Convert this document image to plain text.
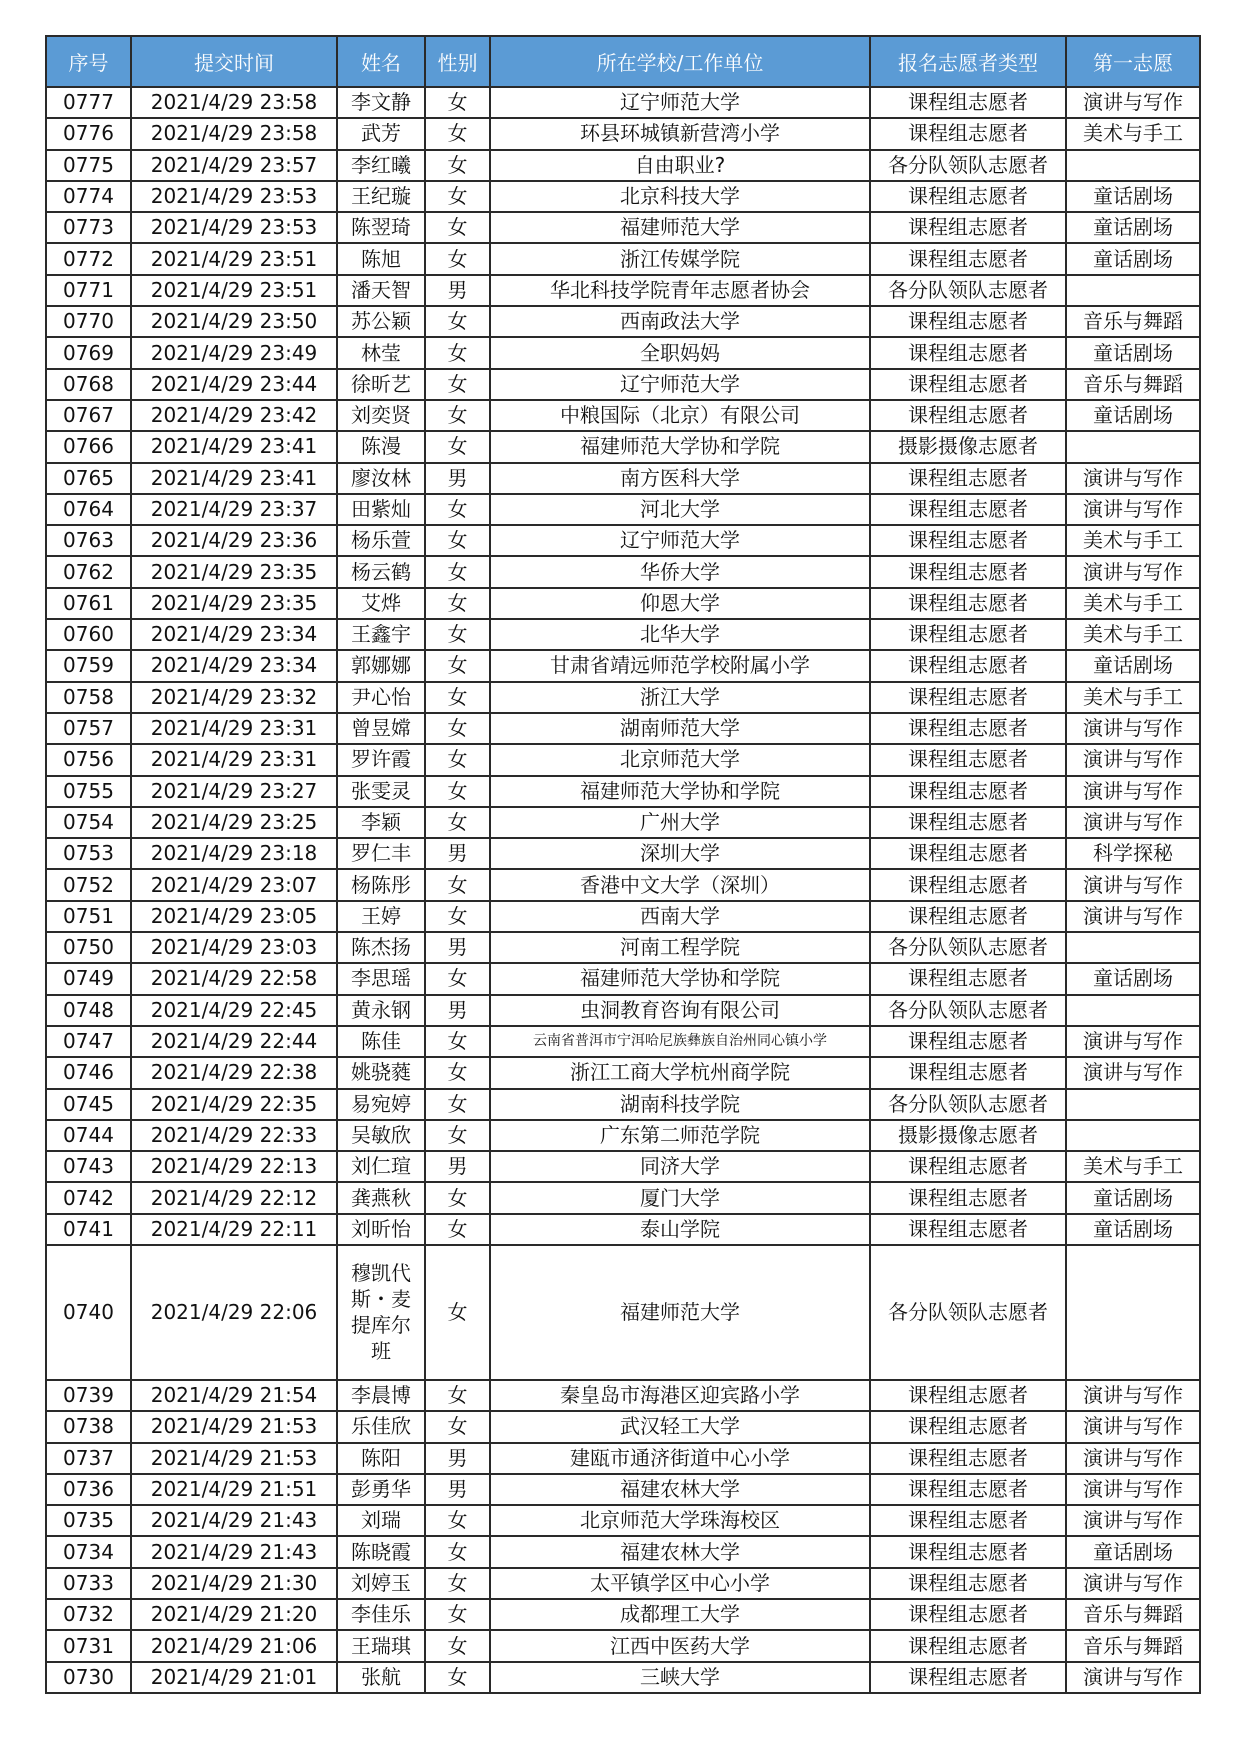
序号	提交时间	姓名	性别	所在学校/工作单位	报名志愿者类型	第一志愿
0777	2021/4/29 23:58	李文静	女	辽宁师范大学	课程组志愿者	演讲与写作
0776	2021/4/29 23:58	武芳	女	环县环城镇新营湾小学	课程组志愿者	美术与手工
0775	2021/4/29 23:57	李红曦	女	自由职业?	各分队领队志愿者	
0774	2021/4/29 23:53	王纪璇	女	北京科技大学	课程组志愿者	童话剧场
0773	2021/4/29 23:53	陈翌琦	女	福建师范大学	课程组志愿者	童话剧场
0772	2021/4/29 23:51	陈旭	女	浙江传媒学院	课程组志愿者	童话剧场
0771	2021/4/29 23:51	潘天智	男	华北科技学院青年志愿者协会	各分队领队志愿者	
0770	2021/4/29 23:50	苏公颖	女	西南政法大学	课程组志愿者	音乐与舞蹈
0769	2021/4/29 23:49	林莹	女	全职妈妈	课程组志愿者	童话剧场
0768	2021/4/29 23:44	徐昕艺	女	辽宁师范大学	课程组志愿者	音乐与舞蹈
0767	2021/4/29 23:42	刘奕贤	女	中粮国际（北京）有限公司	课程组志愿者	童话剧场
0766	2021/4/29 23:41	陈漫	女	福建师范大学协和学院	摄影摄像志愿者	
0765	2021/4/29 23:41	廖汝林	男	南方医科大学	课程组志愿者	演讲与写作
0764	2021/4/29 23:37	田紫灿	女	河北大学	课程组志愿者	演讲与写作
0763	2021/4/29 23:36	杨乐萱	女	辽宁师范大学	课程组志愿者	美术与手工
0762	2021/4/29 23:35	杨云鹤	女	华侨大学	课程组志愿者	演讲与写作
0761	2021/4/29 23:35	艾烨	女	仰恩大学	课程组志愿者	美术与手工
0760	2021/4/29 23:34	王鑫宇	女	北华大学	课程组志愿者	美术与手工
0759	2021/4/29 23:34	郭娜娜	女	甘肃省靖远师范学校附属小学	课程组志愿者	童话剧场
0758	2021/4/29 23:32	尹心怡	女	浙江大学	课程组志愿者	美术与手工
0757	2021/4/29 23:31	曾昱嫦	女	湖南师范大学	课程组志愿者	演讲与写作
0756	2021/4/29 23:31	罗许霞	女	北京师范大学	课程组志愿者	演讲与写作
0755	2021/4/29 23:27	张雯灵	女	福建师范大学协和学院	课程组志愿者	演讲与写作
0754	2021/4/29 23:25	李颖	女	广州大学	课程组志愿者	演讲与写作
0753	2021/4/29 23:18	罗仁丰	男	深圳大学	课程组志愿者	科学探秘
0752	2021/4/29 23:07	杨陈彤	女	香港中文大学（深圳）	课程组志愿者	演讲与写作
0751	2021/4/29 23:05	王婷	女	西南大学	课程组志愿者	演讲与写作
0750	2021/4/29 23:03	陈杰扬	男	河南工程学院	各分队领队志愿者	
0749	2021/4/29 22:58	李思瑶	女	福建师范大学协和学院	课程组志愿者	童话剧场
0748	2021/4/29 22:45	黄永钢	男	虫洞教育咨询有限公司	各分队领队志愿者	
0747	2021/4/29 22:44	陈佳	女	云南省普洱市宁洱哈尼族彝族自治州同心镇小学	课程组志愿者	演讲与写作
0746	2021/4/29 22:38	姚骁蕤	女	浙江工商大学杭州商学院	课程组志愿者	演讲与写作
0745	2021/4/29 22:35	易宛婷	女	湖南科技学院	各分队领队志愿者	
0744	2021/4/29 22:33	吴敏欣	女	广东第二师范学院	摄影摄像志愿者	
0743	2021/4/29 22:13	刘仁瑄	男	同济大学	课程组志愿者	美术与手工
0742	2021/4/29 22:12	龚燕秋	女	厦门大学	课程组志愿者	童话剧场
0741	2021/4/29 22:11	刘昕怡	女	泰山学院	课程组志愿者	童话剧场
0740	2021/4/29 22:06	穆凯代斯・麦提库尔班	女	福建师范大学	各分队领队志愿者	
0739	2021/4/29 21:54	李晨博	女	秦皇岛市海港区迎宾路小学	课程组志愿者	演讲与写作
0738	2021/4/29 21:53	乐佳欣	女	武汉轻工大学	课程组志愿者	演讲与写作
0737	2021/4/29 21:53	陈阳	男	建瓯市通济街道中心小学	课程组志愿者	演讲与写作
0736	2021/4/29 21:51	彭勇华	男	福建农林大学	课程组志愿者	演讲与写作
0735	2021/4/29 21:43	刘瑞	女	北京师范大学珠海校区	课程组志愿者	演讲与写作
0734	2021/4/29 21:43	陈晓霞	女	福建农林大学	课程组志愿者	童话剧场
0733	2021/4/29 21:30	刘婷玉	女	太平镇学区中心小学	课程组志愿者	演讲与写作
0732	2021/4/29 21:20	李佳乐	女	成都理工大学	课程组志愿者	音乐与舞蹈
0731	2021/4/29 21:06	王瑞琪	女	江西中医药大学	课程组志愿者	音乐与舞蹈
0730	2021/4/29 21:01	张航	女	三峡大学	课程组志愿者	演讲与写作
